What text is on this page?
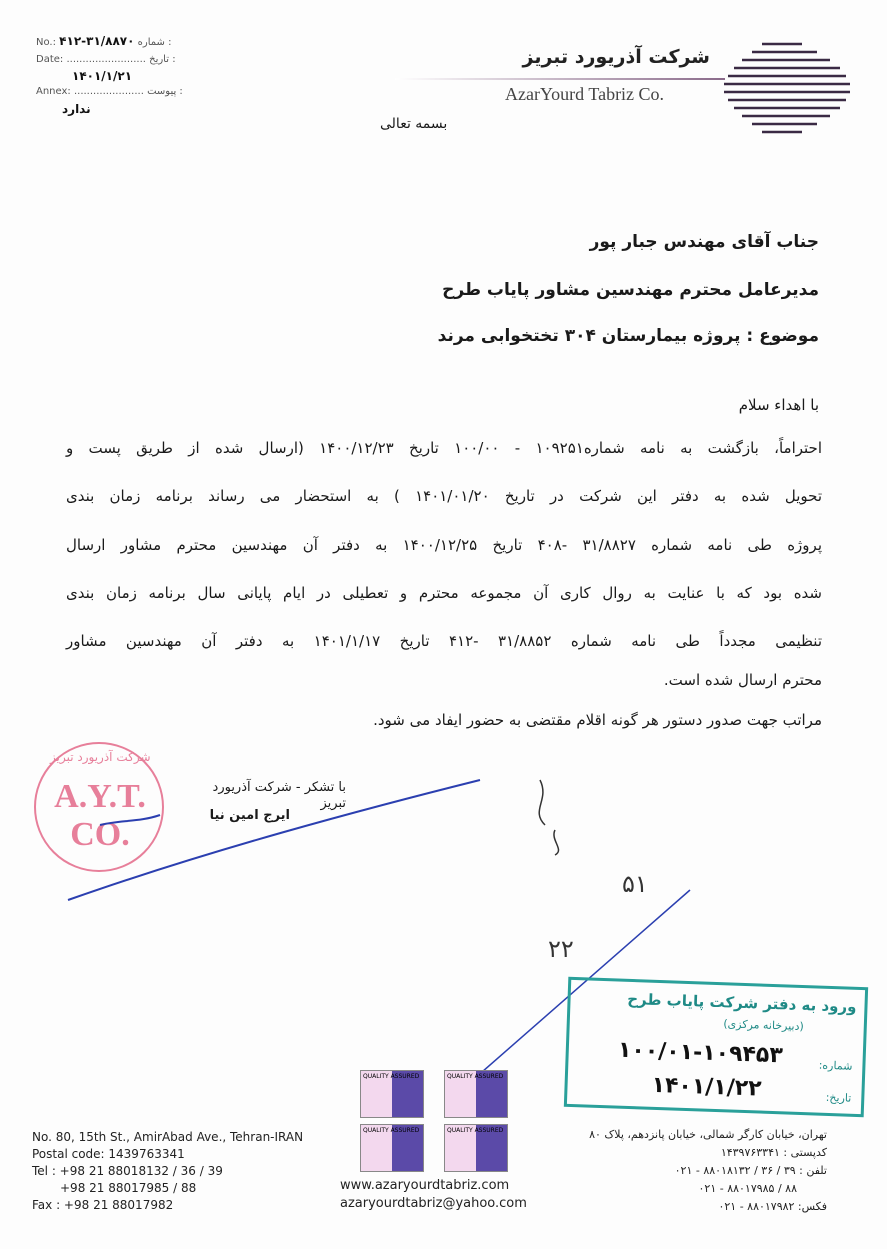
No.: ۴۱۲-۳۱/۸۸۷۰ شماره :
Date: ......................... تاریخ :
۱۴۰۱/۱/۲۱
Annex: ...................... پیوست :
ندارد
شرکت آذریورد تبریز
AzarYourd Tabriz Co.
بسمه تعالی
جناب آقای مهندس جبار پور
مدیرعامل محترم مهندسین مشاور پایاب طرح
موضوع : پروژه بیمارستان ۳۰۴ تختخوابی مرند
با اهداء سلام
احتراماً، بازگشت به نامه شماره۱۰۹۲۵۱ - ۱۰۰/۰۰ تاریخ ۱۴۰۰/۱۲/۲۳ (ارسال شده از طریق پست و
تحویل شده به دفتر این شرکت در تاریخ ۱۴۰۱/۰۱/۲۰ ) به استحضار می رساند برنامه زمان بندی
پروژه طی نامه شماره ۳۱/۸۸۲۷ -۴۰۸ تاریخ ۱۴۰۰/۱۲/۲۵ به دفتر آن مهندسین محترم مشاور ارسال
شده بود که با عنایت به روال کاری آن مجموعه محترم و تعطیلی در ایام پایانی سال برنامه زمان بندی
تنظیمی مجدداً طی نامه شماره ۳۱/۸۸۵۲ -۴۱۲ تاریخ ۱۴۰۱/۱/۱۷ به دفتر آن مهندسین مشاور
محترم ارسال شده است.
مراتب جهت صدور دستور هر گونه اقلام مقتضی به حضور ایفاد می شود.
با تشکر - شرکت آذریورد تبریز
ایرج امین نیا
شرکت آذریورد تبریز
A.Y.T. CO.
۵۱
۲۲
ورود به دفتر شرکت پایاب طرح
(دبیرخانه مرکزی)
شماره:
۱۰۰/۰۱-۱۰۹۴۵۳
تاریخ:
۱۴۰۱/۱/۲۲
QUALITY ASSURED	QUALITY ASSURED
QUALITY ASSURED	QUALITY ASSURED
No. 80, 15th St., AmirAbad Ave., Tehran-IRAN
Postal code: 1439763341
Tel : +98 21 88018132 / 36 / 39
+98 21 88017985 / 88
Fax : +98 21 88017982
www.azaryourdtabriz.com
azaryourdtabriz@yahoo.com
تهران، خیابان کارگر شمالی، خیابان پانزدهم، پلاک ۸۰
کدپستی : ۱۴۳۹۷۶۳۳۴۱
تلفن : ۳۹ / ۳۶ / ۸۸۰۱۸۱۳۲ - ۰۲۱
۸۸ / ۸۸۰۱۷۹۸۵ - ۰۲۱
فکس: ۸۸۰۱۷۹۸۲ - ۰۲۱
